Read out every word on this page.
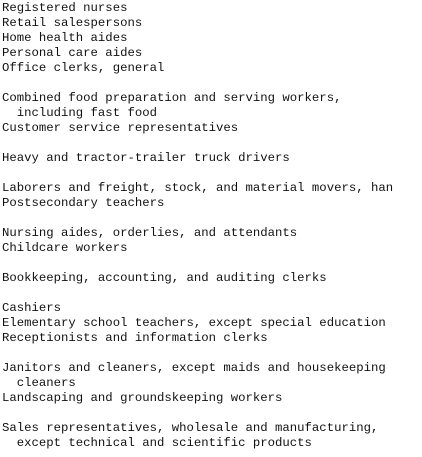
Registered nurses
Retail salespersons
Home health aides
Personal care aides
Office clerks, general
Combined food preparation and serving workers,
including fast food
Customer service representatives
Heavy and tractor-trailer truck drivers
Laborers and freight, stock, and material movers, han
Postsecondary teachers
Nursing aides, orderlies, and attendants
Childcare workers
Bookkeeping, accounting, and auditing clerks
Cashiers
Elementary school teachers, except special education
Receptionists and information clerks
Janitors and cleaners, except maids and housekeeping
cleaners
Landscaping and groundskeeping workers
Sales representatives, wholesale and manufacturing,
except technical and scientific products
